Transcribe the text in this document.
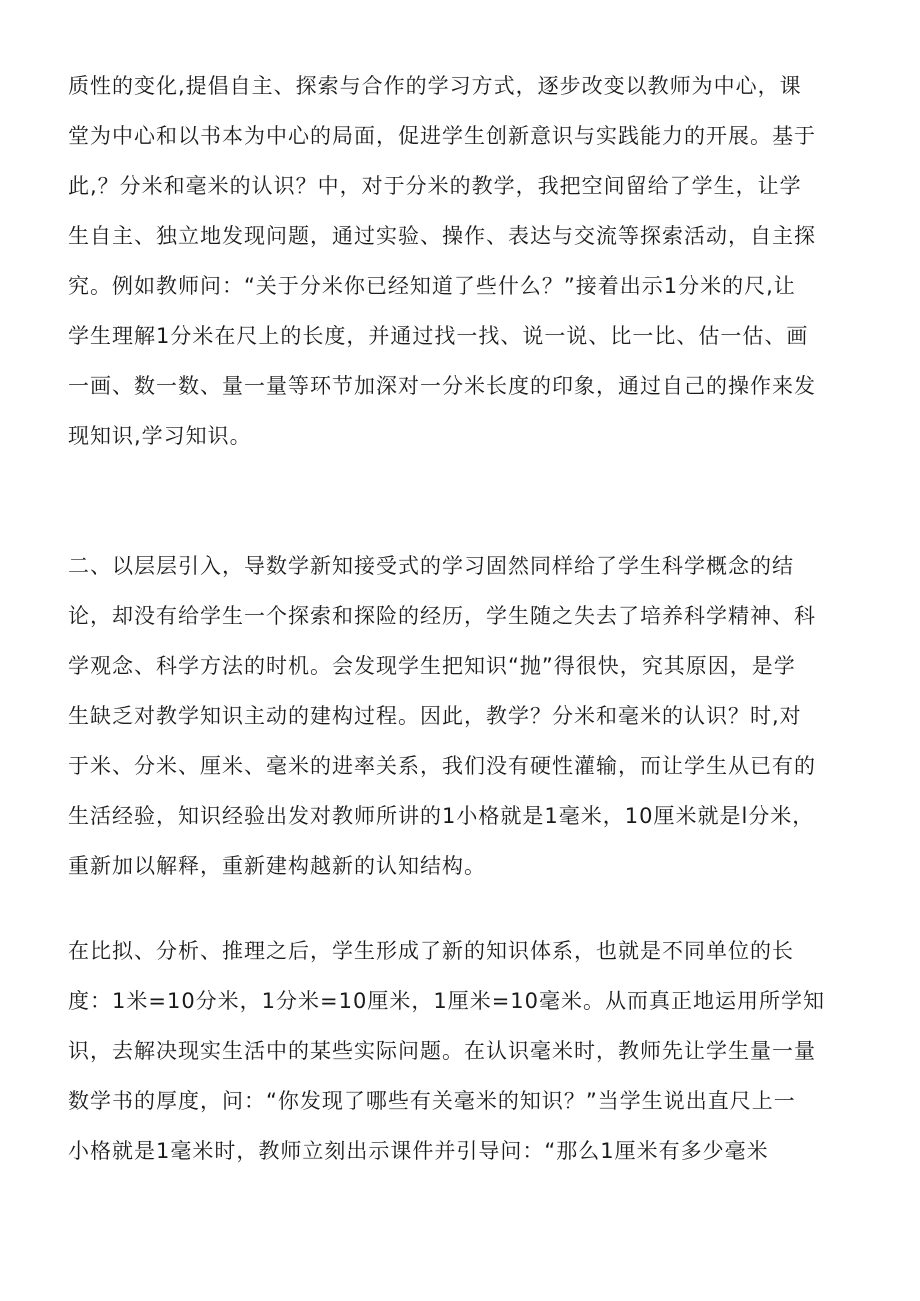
质性的变化,提倡自主、探索与合作的学习方式，逐步改变以教师为中心，课
堂为中心和以书本为中心的局面，促进学生创新意识与实践能力的开展。基于
此,？分米和毫米的认识？中，对于分米的教学，我把空间留给了学生，让学
生自主、独立地发现问题，通过实验、操作、表达与交流等探索活动，自主探
究。例如教师问：“关于分米你已经知道了些什么？”接着出示1分米的尺,让
学生理解1分米在尺上的长度，并通过找一找、说一说、比一比、估一估、画
一画、数一数、量一量等环节加深对一分米长度的印象，通过自己的操作来发
现知识,学习知识。
二、以层层引入，导数学新知接受式的学习固然同样给了学生科学概念的结
论，却没有给学生一个探索和探险的经历，学生随之失去了培养科学精神、科
学观念、科学方法的时机。会发现学生把知识“抛”得很快，究其原因，是学
生缺乏对教学知识主动的建构过程。因此，教学？分米和毫米的认识？时,对
于米、分米、厘米、毫米的进率关系，我们没有硬性灌输，而让学生从已有的
生活经验，知识经验出发对教师所讲的1小格就是1毫米，10厘米就是l分米，
重新加以解释，重新建构越新的认知结构。
在比拟、分析、推理之后，学生形成了新的知识体系，也就是不同单位的长
度：1米=10分米，1分米=10厘米，1厘米=10毫米。从而真正地运用所学知
识，去解决现实生活中的某些实际问题。在认识毫米时，教师先让学生量一量
数学书的厚度，问：“你发现了哪些有关毫米的知识？”当学生说出直尺上一
小格就是1毫米时，教师立刻出示课件并引导问：“那么1厘米有多少毫米
